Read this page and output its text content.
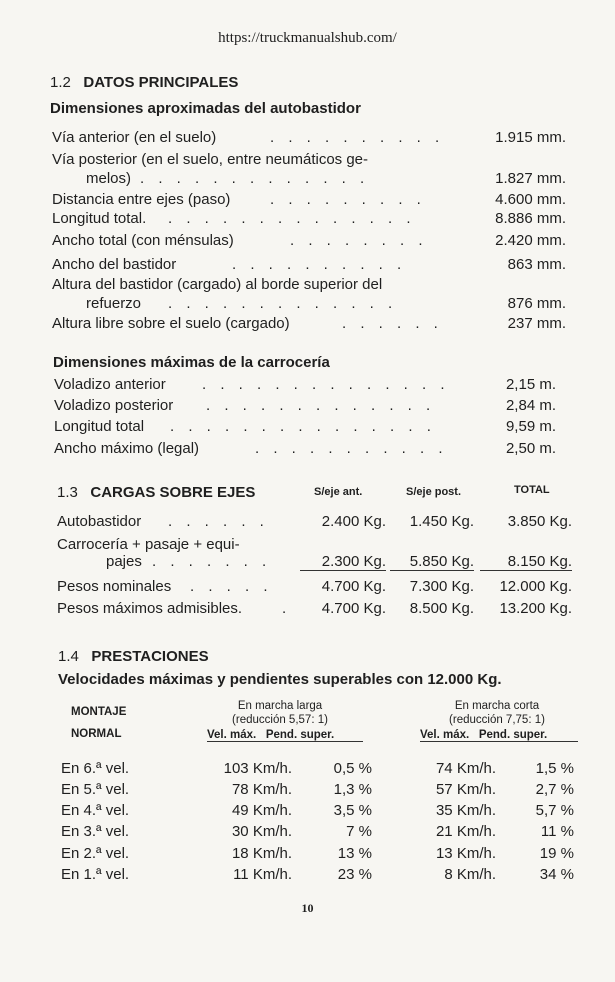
https://truckmanualshub.com/
1.2 DATOS PRINCIPALES
Dimensiones aproximadas del autobastidor
Vía anterior (en el suelo)	. . . . . . . . . .	1.915 mm.
Vía posterior (en el suelo, entre neumáticos ge-
melos) . . . . . . . . . . . . .	1.827 mm.
Distancia entre ejes (paso)	. . . . . . . . .	4.600 mm.
Longitud total. . . . . . . . . . . . . . .	8.886 mm.
Ancho total (con ménsulas)	. . . . . . . .	2.420 mm.
Ancho del bastidor	. . . . . . . . . .	863 mm.
Altura del bastidor (cargado) al borde superior del
refuerzo . . . . . . . . . . . . .	876 mm.
Altura libre sobre el suelo (cargado)	. . . . . .	237 mm.
Dimensiones máximas de la carrocería
Voladizo anterior . . . . . . . . . . . . . .	2,15 m.
Voladizo posterior . . . . . . . . . . . . .	2,84 m.
Longitud total . . . . . . . . . . . . . . .	9,59 m.
Ancho máximo (legal)	. . . . . . . . . . .	2,50 m.
1.3 CARGAS SOBRE EJES	S/eje ant.	S/eje post.	TOTAL
Autobastidor . . . . . .	2.400 Kg.	1.450 Kg.	3.850 Kg.
Carrocería + pasaje + equi-
pajes . . . . . . .	2.300 Kg.	5.850 Kg.	8.150 Kg.
Pesos nominales . . . . .	4.700 Kg.	7.300 Kg.	12.000 Kg.
Pesos máximos admisibles.	.	4.700 Kg.	8.500 Kg.	13.200 Kg.
1.4 PRESTACIONES
Velocidades máximas y pendientes superables con 12.000 Kg.
MONTAJE
NORMAL
En marcha larga
(reducción 5,57: 1)
Vel. máx. Pend. super.
En marcha corta
(reducción 7,75: 1)
Vel. máx. Pend. super.
En 6.ª vel.	103 Km/h.	0,5 %	74 Km/h.	1,5 %
En 5.ª vel.	78 Km/h.	1,3 %	57 Km/h.	2,7 %
En 4.ª vel.	49 Km/h.	3,5 %	35 Km/h.	5,7 %
En 3.ª vel.	30 Km/h.	7 %	21 Km/h.	11 %
En 2.ª vel.	18 Km/h.	13 %	13 Km/h.	19 %
En 1.ª vel.	11 Km/h.	23 %	8 Km/h.	34 %
10
